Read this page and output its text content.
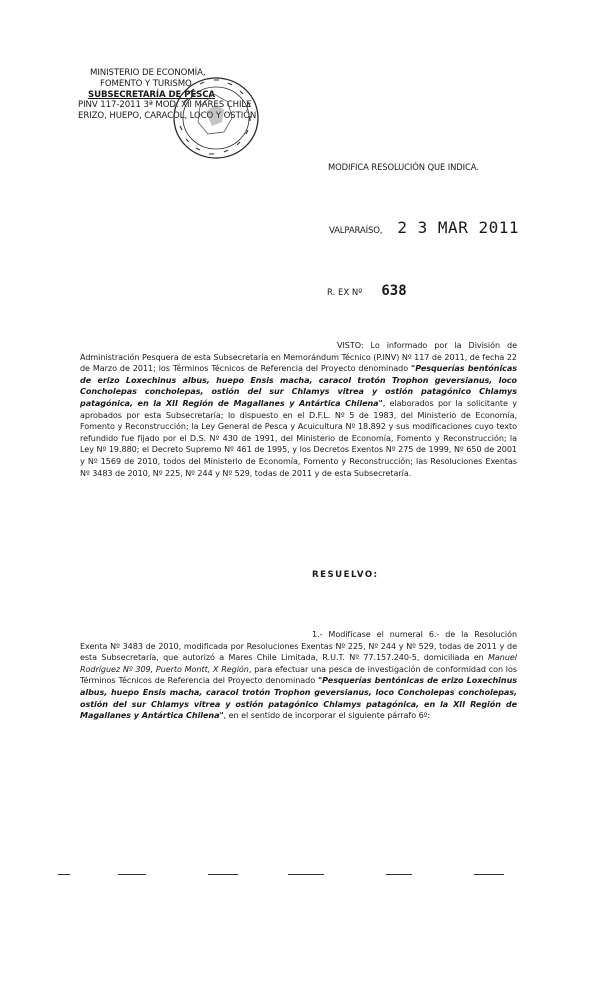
MINISTERIO DE ECONOMÍA,
FOMENTO Y TURISMO
SUBSECRETARÍA DE PESCA
PINV 117-2011 3ª MOD. XII MARES CHILE
ERIZO, HUEPO, CARACOL, LOCO Y OSTIÓN
MODIFICA RESOLUCIÓN QUE INDICA.
VALPARAÍSO, 2 3 MAR 2011
R. EX Nº 638

VISTO: Lo informado por la División de Administración Pesquera de esta Subsecretaría en Memorándum Técnico (P.INV) Nº 117 de 2011, de fecha 22 de Marzo de 2011; los Términos Técnicos de Referencia del Proyecto denominado "Pesquerías bentónicas de erizo Loxechinus albus, huepo Ensis macha, caracol trotón Trophon geversianus, loco Concholepas concholepas, ostión del sur Chlamys vitrea y ostión patagónico Chlamys patagónica, en la XII Región de Magallanes y Antártica Chilena", elaborados por la solicitante y aprobados por esta Subsecretaría; lo dispuesto en el D.F.L. Nº 5 de 1983, del Ministerio de Economía, Fomento y Reconstrucción; la Ley General de Pesca y Acuicultura Nº 18.892 y sus modificaciones cuyo texto refundido fue fijado por el D.S. Nº 430 de 1991, del Ministerio de Economía, Fomento y Reconstrucción; la Ley Nº 19.880; el Decreto Supremo Nº 461 de 1995, y los Decretos Exentos Nº 275 de 1999, Nº 650 de 2001 y Nº 1569 de 2010, todos del Ministerio de Economía, Fomento y Reconstrucción; las Resoluciones Exentas Nº 3483 de 2010, Nº 225, Nº 244 y Nº 529, todas de 2011 y de esta Subsecretaría.

RESUELVO:

1.- Modifícase el numeral 6.- de la Resolución Exenta Nº 3483 de 2010, modificada por Resoluciones Exentas Nº 225, Nº 244 y Nº 529, todas de 2011 y de esta Subsecretaría, que autorizó a Mares Chile Limitada, R.U.T. Nº 77.157.240-5, domiciliada en Manuel Rodríguez Nº 309, Puerto Montt, X Región, para efectuar una pesca de investigación de conformidad con los Términos Técnicos de Referencia del Proyecto denominado "Pesquerías bentónicas de erizo Loxechinus albus, huepo Ensis macha, caracol trotón Trophon geversianus, loco Concholepas concholepas, ostión del sur Chlamys vitrea y ostión patagónico Chlamys patagónica, en la XII Región de Magallanes y Antártica Chilena", en el sentido de incorporar el siguiente párrafo 6º:
